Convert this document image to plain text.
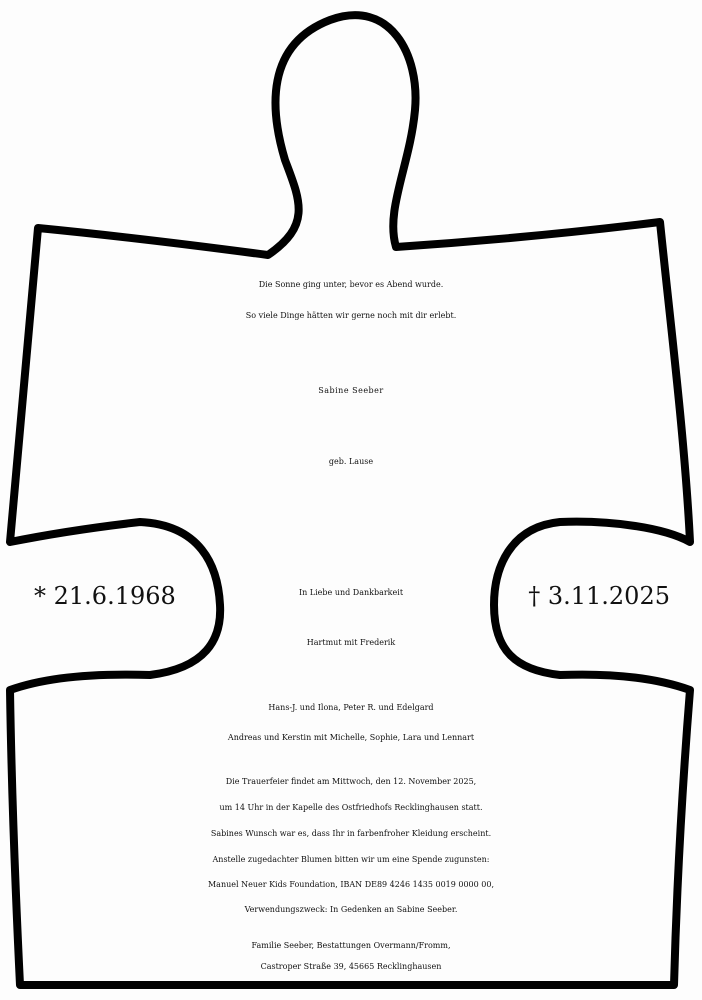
Die Sonne ging unter, bevor es Abend wurde.

So viele Dinge hätten wir gerne noch mit dir erlebt.

Sabine Seeber

geb. Lause

* 21.6.1968	In Liebe und Dankbarkeit	† 3.11.2025

Hartmut mit Frederik

Hans-J. und Ilona, Peter R. und Edelgard

Andreas und Kerstin mit Michelle, Sophie, Lara und Lennart

Die Trauerfeier findet am Mittwoch, den 12. November 2025,

um 14 Uhr in der Kapelle des Ostfriedhofs Recklinghausen statt.

Sabines Wunsch war es, dass Ihr in farbenfroher Kleidung erscheint.

Anstelle zugedachter Blumen bitten wir um eine Spende zugunsten:

Manuel Neuer Kids Foundation, IBAN DE89 4246 1435 0019 0000 00,

Verwendungszweck: In Gedenken an Sabine Seeber.

Familie Seeber, Bestattungen Overmann/Fromm,

Castroper Straße 39, 45665 Recklinghausen
